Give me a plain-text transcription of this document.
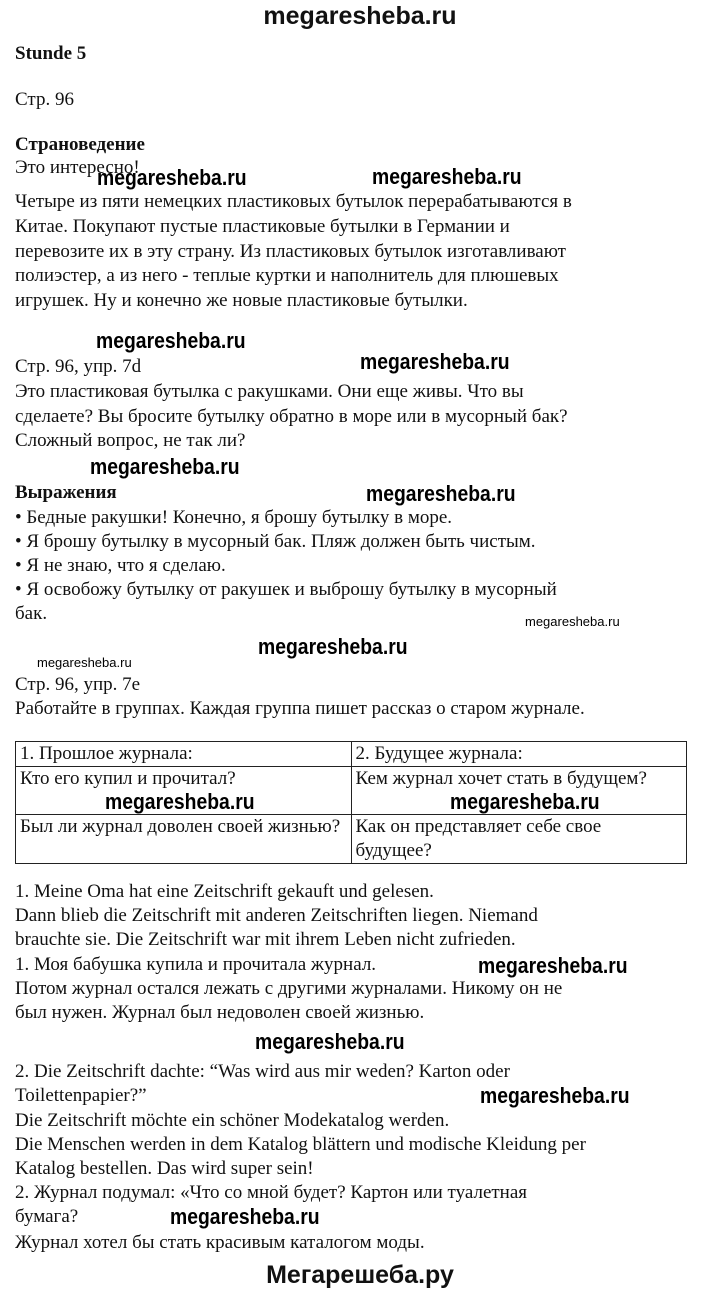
megaresheba.ru
Stunde 5
Стр. 96
Страноведение
Это интересно!
Четыре из пяти немецких пластиковых бутылок перерабатываются в
Китае. Покупают пустые пластиковые бутылки в Германии и
перевозите их в эту страну. Из пластиковых бутылок изготавливают
полиэстер, а из него - теплые куртки и наполнитель для плюшевых
игрушек. Ну и конечно же новые пластиковые бутылки.
Стр. 96, упр. 7d
Это пластиковая бутылка с ракушками. Они еще живы. Что вы
сделаете? Вы бросите бутылку обратно в море или в мусорный бак?
Сложный вопрос, не так ли?
Выражения
• Бедные ракушки! Конечно, я брошу бутылку в море.
• Я брошу бутылку в мусорный бак. Пляж должен быть чистым.
• Я не знаю, что я сделаю.
• Я освобожу бутылку от ракушек и выброшу бутылку в мусорный
бак.
Стр. 96, упр. 7e
Работайте в группах. Каждая группа пишет рассказ о старом журнале.
1. Прошлое журнала:	2. Будущее журнала:
Кто его купил и прочитал?	Кем журнал хочет стать в будущем?
Был ли журнал доволен своей жизнью?	Как он представляет себе свое будущее?
1. Meine Oma hat eine Zeitschrift gekauft und gelesen.
Dann blieb die Zeitschrift mit anderen Zeitschriften liegen. Niemand
brauchte sie. Die Zeitschrift war mit ihrem Leben nicht zufrieden.
1. Моя бабушка купила и прочитала журнал.
Потом журнал остался лежать с другими журналами. Никому он не
был нужен. Журнал был недоволен своей жизнью.
2. Die Zeitschrift dachte: “Was wird aus mir weden? Karton oder
Toilettenpapier?”
Die Zeitschrift möchte ein schöner Modekatalog werden.
Die Menschen werden in dem Katalog blättern und modische Kleidung per
Katalog bestellen. Das wird super sein!
2. Журнал подумал: «Что со мной будет? Картон или туалетная
бумага?
Журнал хотел бы стать красивым каталогом моды.
megaresheba.ru	megaresheba.ru
megaresheba.ru
megaresheba.ru
megaresheba.ru
megaresheba.ru
megaresheba.ru
megaresheba.ru
megaresheba.ru
megaresheba.ru	megaresheba.ru
megaresheba.ru
megaresheba.ru
megaresheba.ru
megaresheba.ru
Мегарешеба.ру
